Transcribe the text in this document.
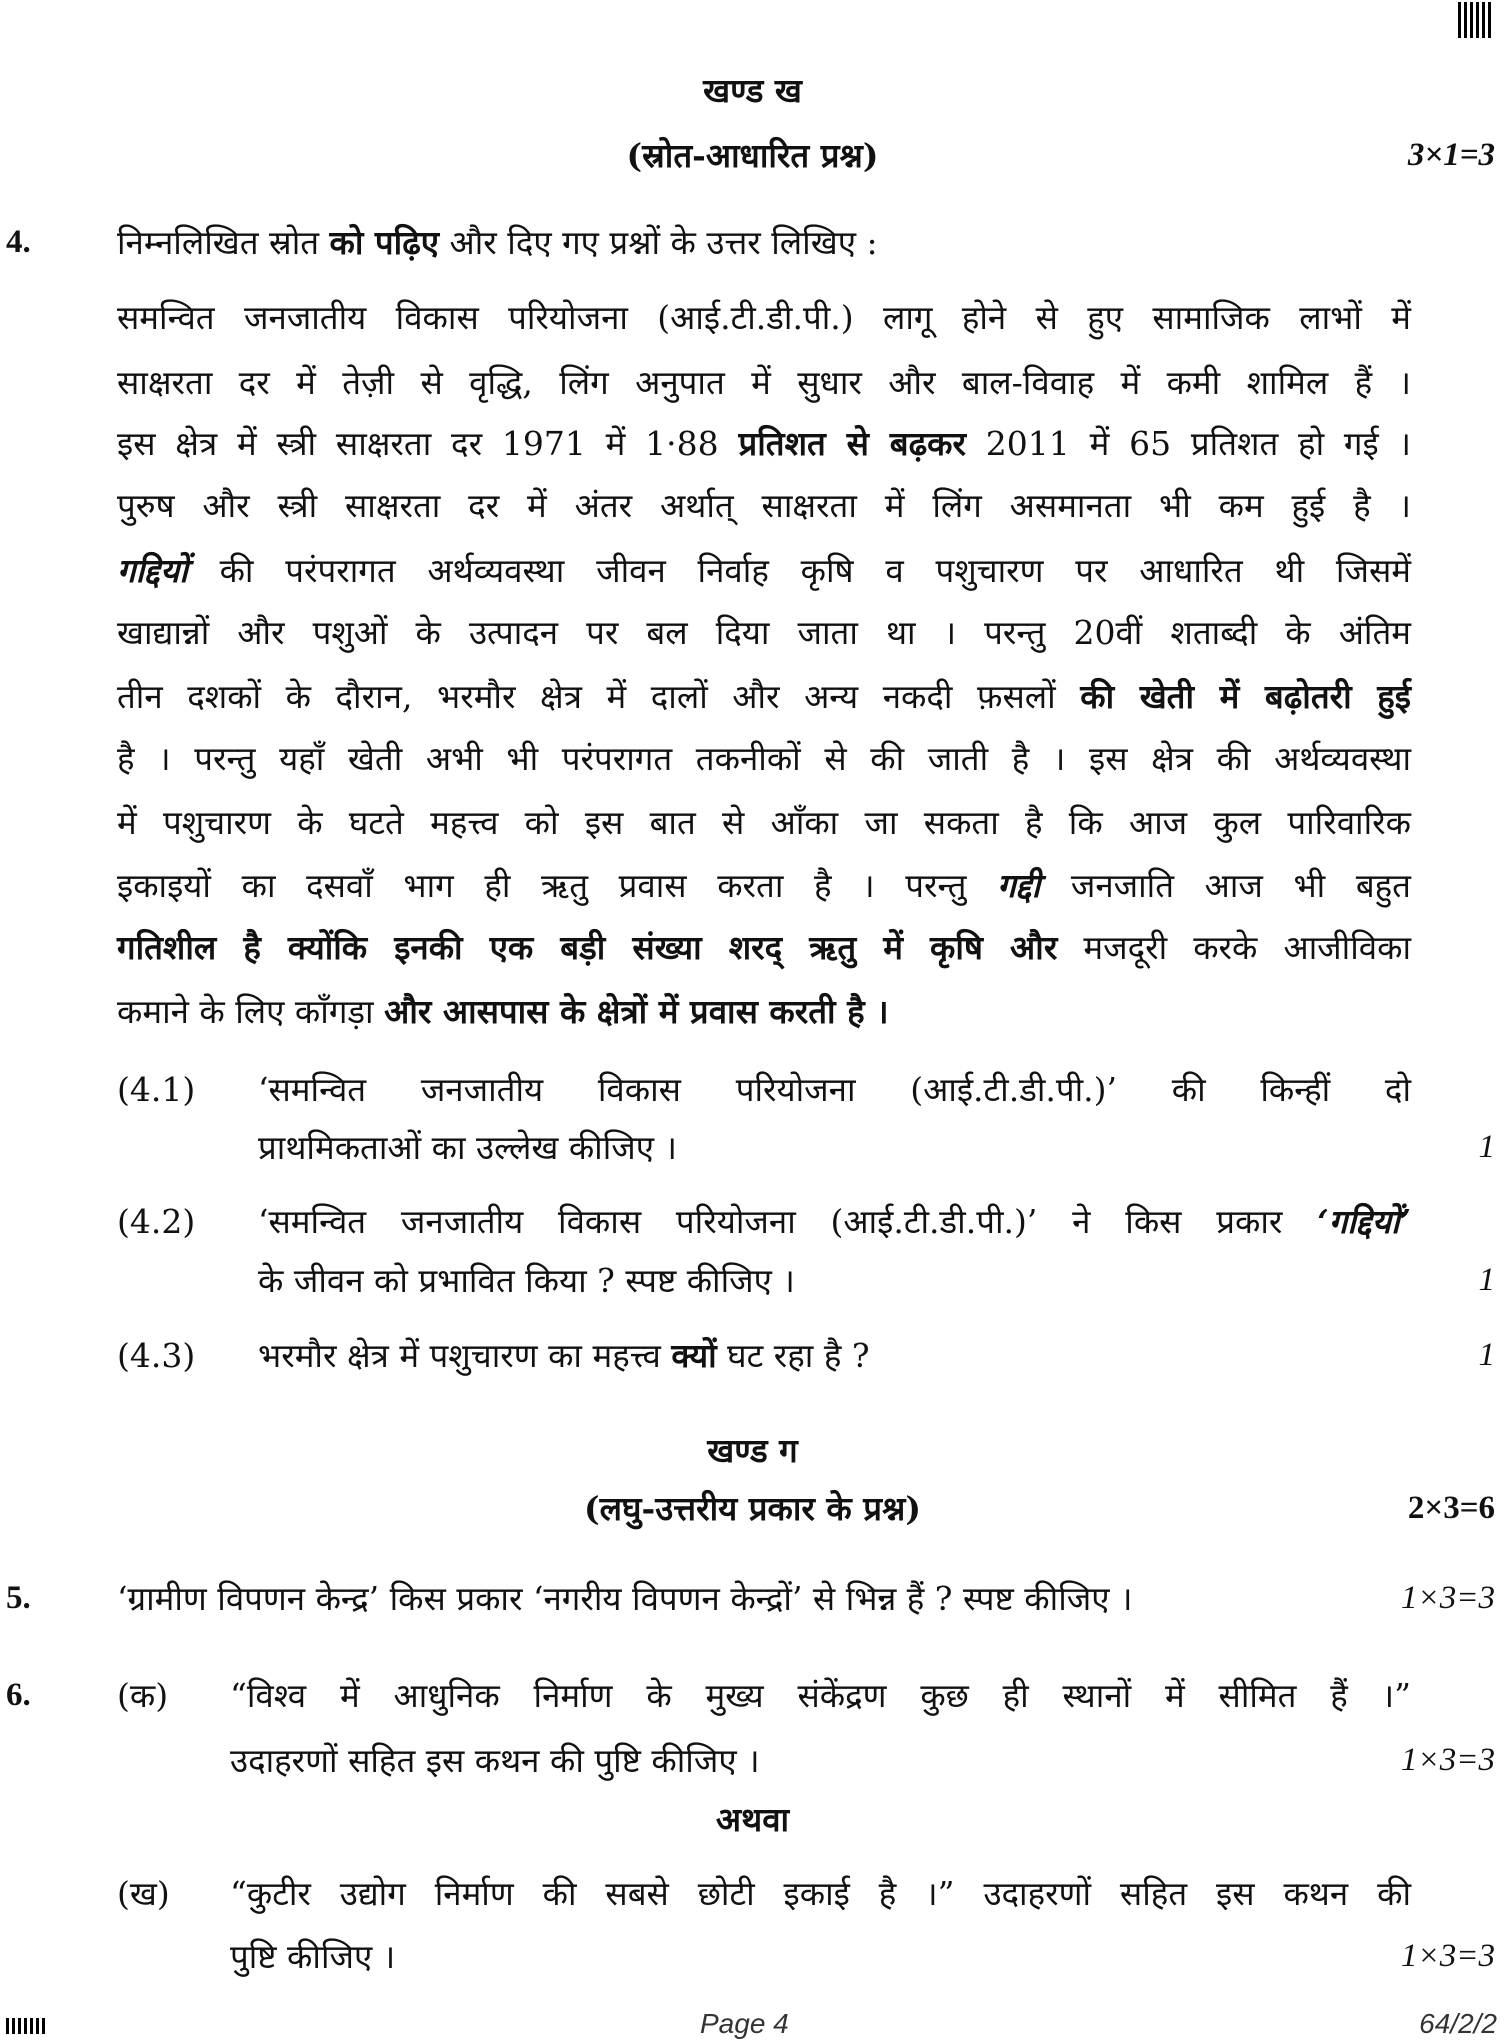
खण्ड ख
(स्रोत-आधारित प्रश्न)	3×1=3
4.	निम्नलिखित स्रोत को पढ़िए और दिए गए प्रश्नों के उत्तर लिखिए :
समन्वित जनजातीय विकास परियोजना (आई.टी.डी.पी.) लागू होने से हुए सामाजिक लाभों में
साक्षरता दर में तेज़ी से वृद्धि, लिंग अनुपात में सुधार और बाल-विवाह में कमी शामिल हैं ।
इस क्षेत्र में स्त्री साक्षरता दर 1971 में 1·88 प्रतिशत से बढ़कर 2011 में 65 प्रतिशत हो गई ।
पुरुष और स्त्री साक्षरता दर में अंतर अर्थात् साक्षरता में लिंग असमानता भी कम हुई है ।
गद्दियों की परंपरागत अर्थव्यवस्था जीवन निर्वाह कृषि व पशुचारण पर आधारित थी जिसमें
खाद्यान्नों और पशुओं के उत्पादन पर बल दिया जाता था । परन्तु 20वीं शताब्दी के अंतिम
तीन दशकों के दौरान, भरमौर क्षेत्र में दालों और अन्य नकदी फ़सलों की खेती में बढ़ोतरी हुई
है । परन्तु यहाँ खेती अभी भी परंपरागत तकनीकों से की जाती है । इस क्षेत्र की अर्थव्यवस्था
में पशुचारण के घटते महत्त्व को इस बात से आँका जा सकता है कि आज कुल पारिवारिक
इकाइयों का दसवाँ भाग ही ऋतु प्रवास करता है । परन्तु गद्दी जनजाति आज भी बहुत
गतिशील है क्योंकि इनकी एक बड़ी संख्या शरद् ऋतु में कृषि और मजदूरी करके आजीविका
कमाने के लिए काँगड़ा और आसपास के क्षेत्रों में प्रवास करती है ।
(4.1) ‘समन्वित जनजातीय विकास परियोजना (आई.टी.डी.पी.)’ की किन्हीं दो
प्राथमिकताओं का उल्लेख कीजिए ।	1
(4.2) ‘समन्वित जनजातीय विकास परियोजना (आई.टी.डी.पी.)’ ने किस प्रकार ‘गद्दियों’
के जीवन को प्रभावित किया ? स्पष्ट कीजिए ।	1
(4.3) भरमौर क्षेत्र में पशुचारण का महत्त्व क्यों घट रहा है ?	1
खण्ड ग
(लघु-उत्तरीय प्रकार के प्रश्न)	2×3=6
5.	‘ग्रामीण विपणन केन्द्र’ किस प्रकार ‘नगरीय विपणन केन्द्रों’ से भिन्न हैं ? स्पष्ट कीजिए ।	1×3=3
6.	(क) “विश्व में आधुनिक निर्माण के मुख्य संकेंद्रण कुछ ही स्थानों में सीमित हैं ।”
उदाहरणों सहित इस कथन की पुष्टि कीजिए ।	1×3=3
अथवा
(ख) “कुटीर उद्योग निर्माण की सबसे छोटी इकाई है ।” उदाहरणों सहित इस कथन की
पुष्टि कीजिए ।	1×3=3
Page 4	64/2/2
